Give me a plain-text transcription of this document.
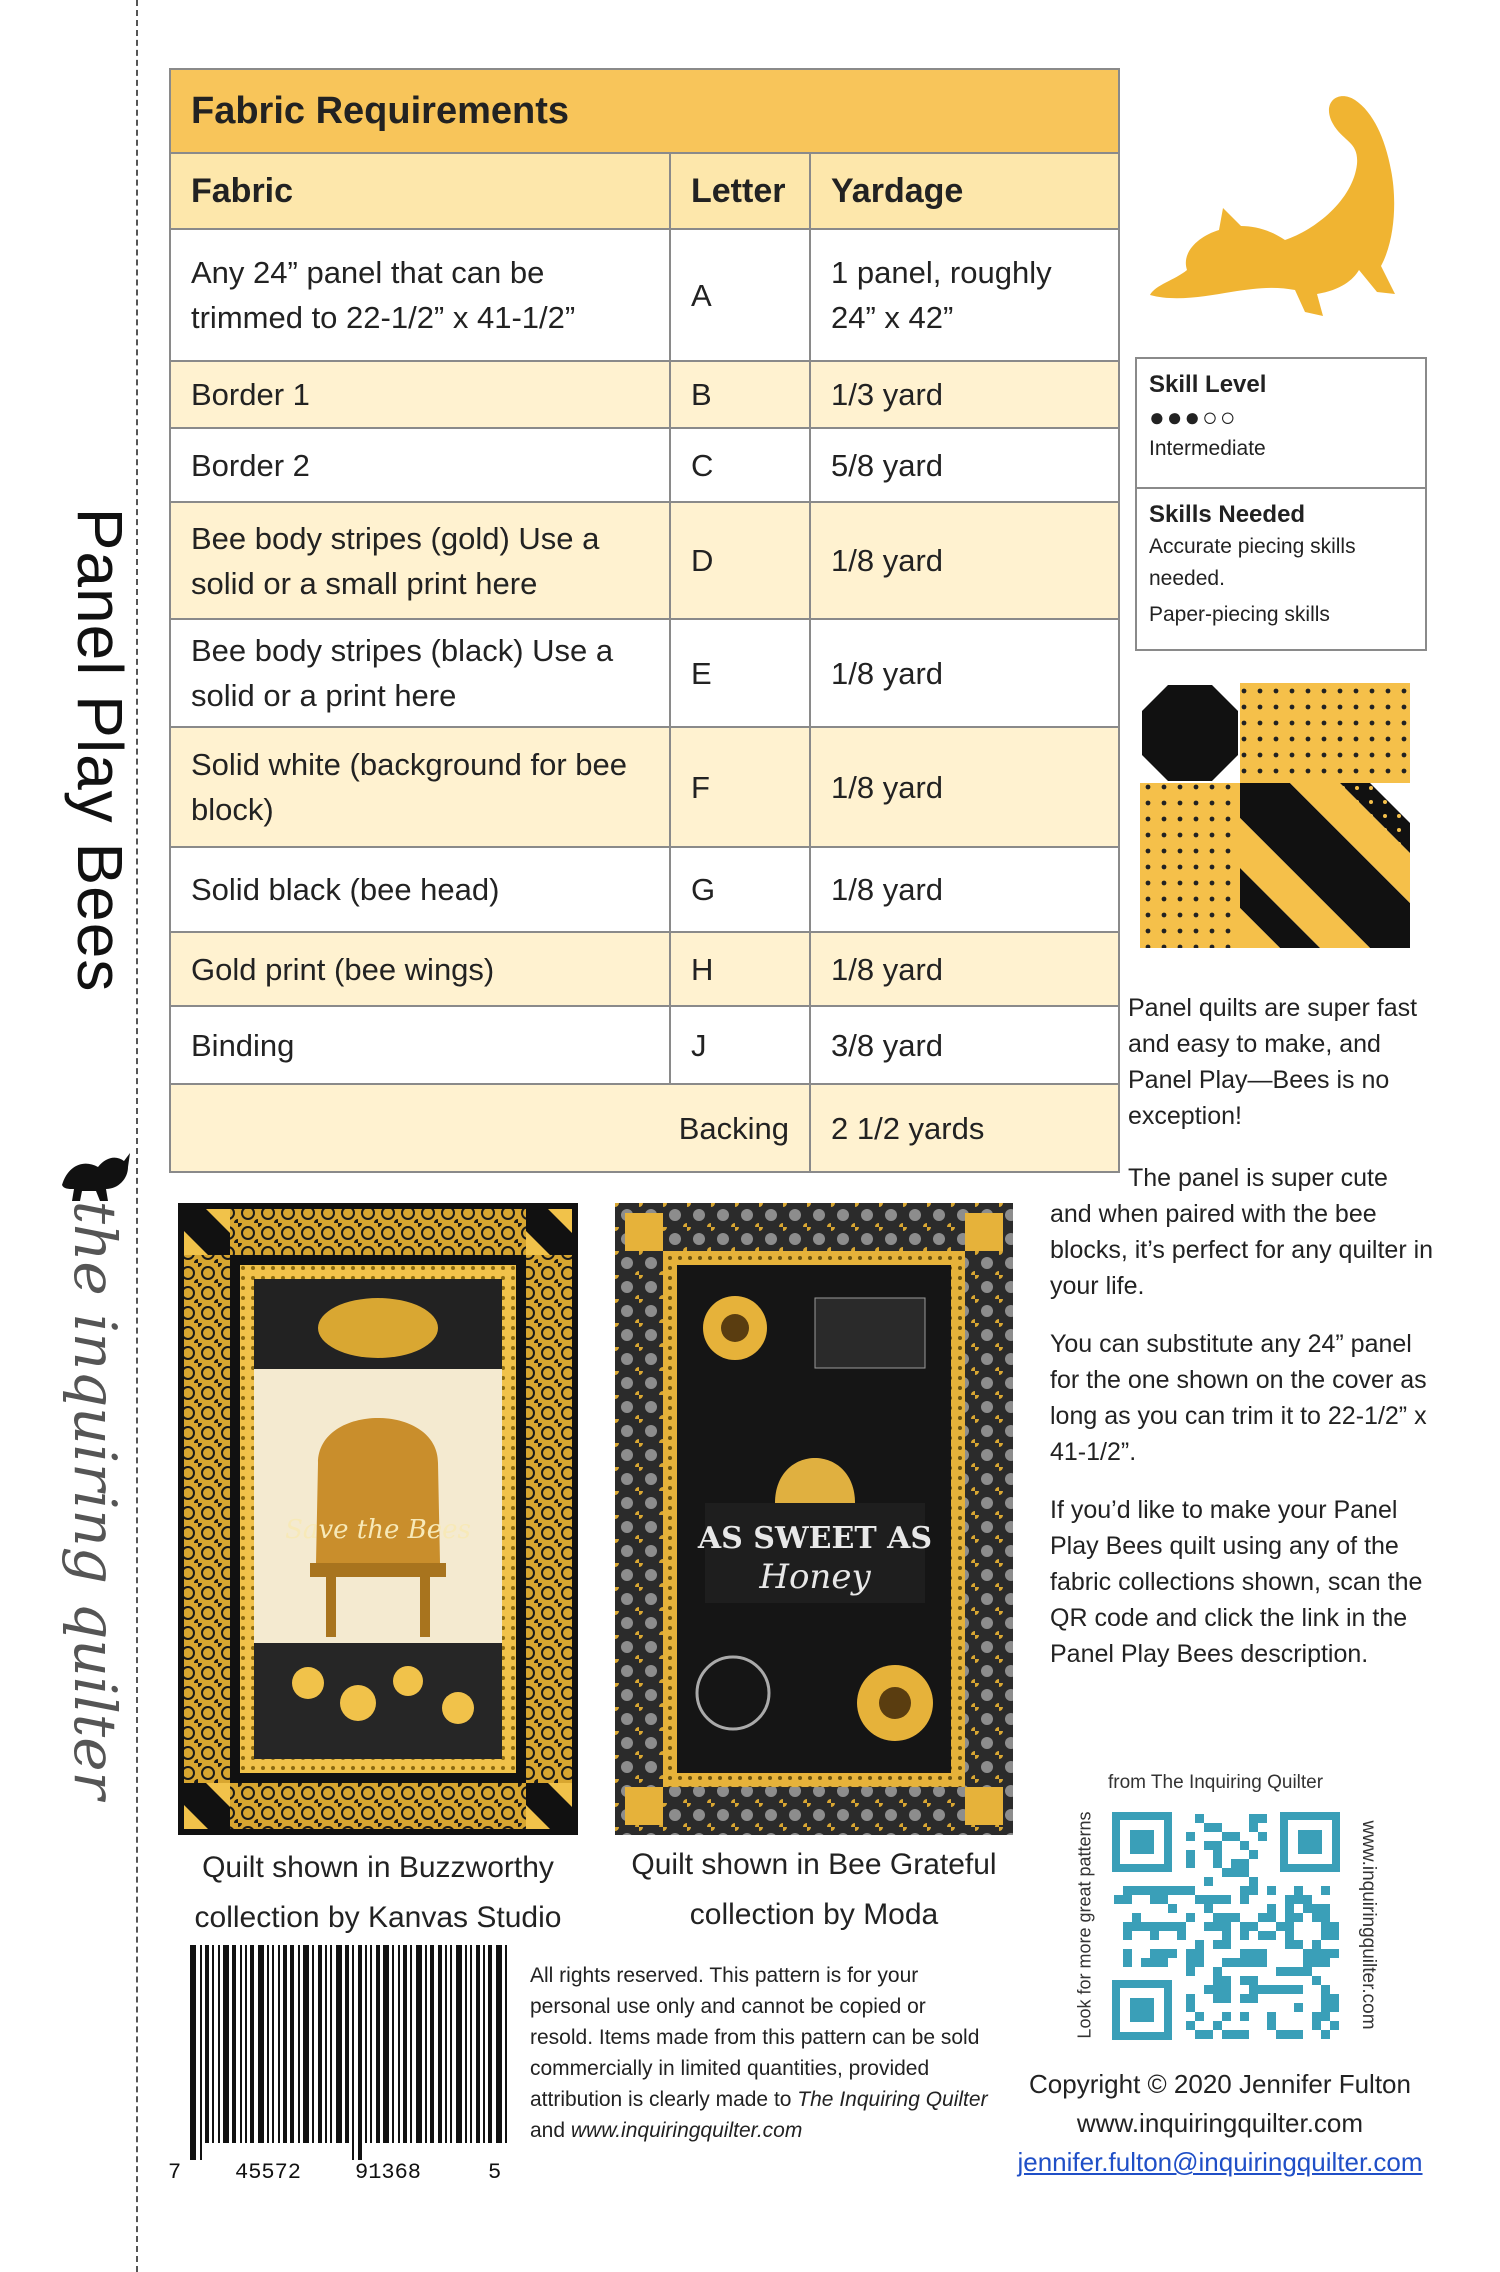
Panel Play Bees
the inquiring quilter
Fabric Requirements		
Fabric	Letter	Yardage
Any 24” panel that can be trimmed to 22-1/2” x 41-1/2”	A	1 panel, roughly 24” x 42”
Border 1	B	1/3 yard
Border 2	C	5/8 yard
Bee body stripes (gold) Use a solid or a small print here	D	1/8 yard
Bee body stripes (black) Use a solid or a print here	E	1/8 yard
Solid white (background for bee block)	F	1/8 yard
Solid black (bee head)	G	1/8 yard
Gold print (bee wings)	H	1/8 yard
Binding	J	3/8 yard
Backing		2 1/2 yards
Skill Level
●●●○○
Intermediate
Skills Needed
Accurate piecing skills needed.
Paper-piecing skills

Panel quilts are super fast and easy to make, and Panel Play—Bees is no exception!

The panel is super cute and when paired with the bee blocks, it’s perfect for any quilter in your life.

You can substitute any 24” panel for the one shown on the cover as long as you can trim it to 22-1/2” x 41-1/2”.

If you’d like to make your Panel Play Bees quilt using any of the fabric collections shown, scan the QR code and click the link in the Panel Play Bees description.

Save the Bees
Quilt shown in Buzzworthy
collection by Kanvas Studio
AS SWEET AS
Honey
Quilt shown in Bee Grateful
collection by Moda
7 45572 91368	5
All rights reserved. This pattern is for your personal use only and cannot be copied or resold. Items made from this pattern can be sold commercially in limited quantities, provided attribution is clearly made to The Inquiring Quilter and www.inquiringquilter.com
from The Inquiring Quilter
Look for more great patterns	www.inquiringquilter.com
Copyright © 2020 Jennifer Fulton
www.inquiringquilter.com
jennifer.fulton@inquiringquilter.com
